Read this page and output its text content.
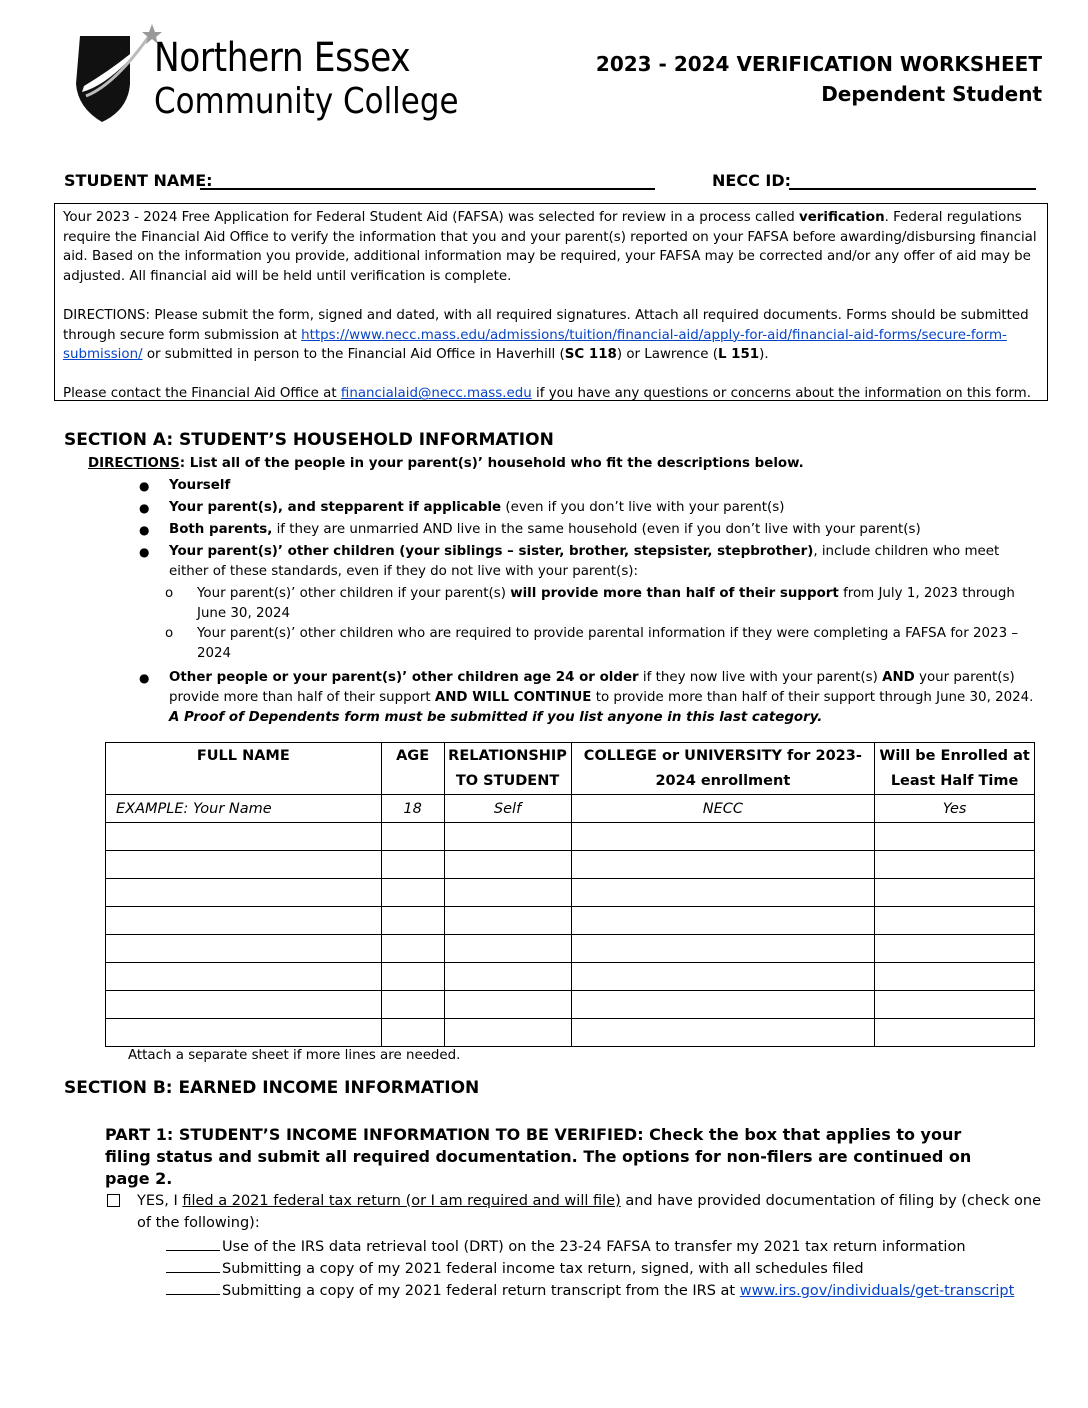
Northern Essex
Community College
2023 - 2024 VERIFICATION WORKSHEET
Dependent Student
STUDENT NAME:	NECC ID:

Your 2023 - 2024 Free Application for Federal Student Aid (FAFSA) was selected for review in a process called verification. Federal regulations require the Financial Aid Office to verify the information that you and your parent(s) reported on your FAFSA before awarding/disbursing financial aid. Based on the information you provide, additional information may be required, your FAFSA may be corrected and/or any offer of aid may be adjusted. All financial aid will be held until verification is complete.

DIRECTIONS: Please submit the form, signed and dated, with all required signatures. Attach all required documents. Forms should be submitted through secure form submission at https://www.necc.mass.edu/admissions/tuition/financial-aid/apply-for-aid/financial-aid-forms/secure-form-submission/ or submitted in person to the Financial Aid Office in Haverhill (SC 118) or Lawrence (L 151).

Please contact the Financial Aid Office at financialaid@necc.mass.edu if you have any questions or concerns about the information on this form.

SECTION A: STUDENT’S HOUSEHOLD INFORMATION
DIRECTIONS: List all of the people in your parent(s)’ household who fit the descriptions below.
● Yourself
● Your parent(s), and stepparent if applicable (even if you don’t live with your parent(s)
● Both parents, if they are unmarried AND live in the same household (even if you don’t live with your parent(s)
● Your parent(s)’ other children (your siblings – sister, brother, stepsister, stepbrother), include children who meet either of these standards, even if they do not live with your parent(s):
o Your parent(s)’ other children if your parent(s) will provide more than half of their support from July 1, 2023 through June 30, 2024
o Your parent(s)’ other children who are required to provide parental information if they were completing a FAFSA for 2023 – 2024
● Other people or your parent(s)’ other children age 24 or older if they now live with your parent(s) AND your parent(s) provide more than half of their support AND WILL CONTINUE to provide more than half of their support through June 30, 2024. A Proof of Dependents form must be submitted if you list anyone in this last category.
FULL NAME	AGE	RELATIONSHIP TO STUDENT	COLLEGE or UNIVERSITY for 2023-2024 enrollment	Will be Enrolled at Least Half Time
EXAMPLE: Your Name	18	Self	NECC	Yes

Attach a separate sheet if more lines are needed.
SECTION B: EARNED INCOME INFORMATION
PART 1: STUDENT’S INCOME INFORMATION TO BE VERIFIED: Check the box that applies to your filing status and submit all required documentation. The options for non-filers are continued on page 2.
YES, I filed a 2021 federal tax return (or I am required and will file) and have provided documentation of filing by (check one of the following):
Use of the IRS data retrieval tool (DRT) on the 23-24 FAFSA to transfer my 2021 tax return information
Submitting a copy of my 2021 federal income tax return, signed, with all schedules filed
Submitting a copy of my 2021 federal return transcript from the IRS at www.irs.gov/individuals/get-transcript
